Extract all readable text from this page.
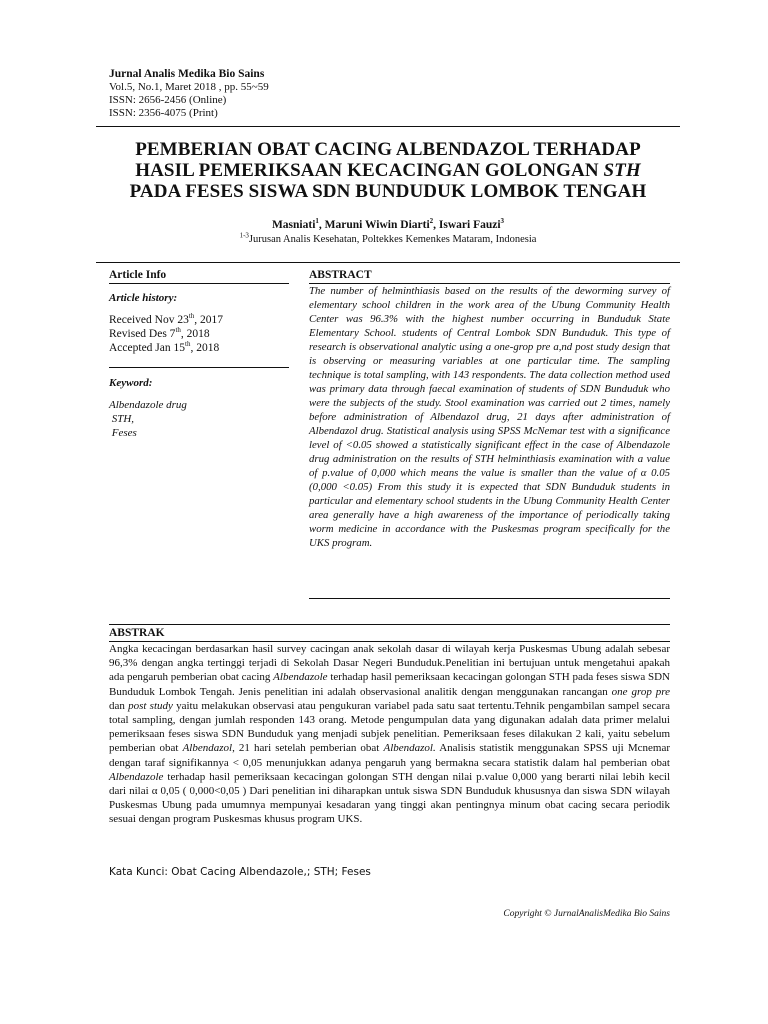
Jurnal Analis Medika Bio Sains
Vol.5, No.1, Maret 2018 , pp. 55~59
ISSN: 2656-2456 (Online)
ISSN: 2356-4075 (Print)
PEMBERIAN OBAT CACING ALBENDAZOL TERHADAP
HASIL PEMERIKSAAN KECACINGAN GOLONGAN STH
PADA FESES SISWA SDN BUNDUDUK LOMBOK TENGAH
Masniati$^1$, Maruni Wiwin Diarti$^2$, Iswari Fauzi$^3$
$^{1-3}$Jurusan Analis Kesehatan, Poltekkes Kemenkes Mataram, Indonesia
Article Info
Article history:
Received Nov 23th, 2017
Revised Des 7th, 2018
Accepted Jan 15th, 2018
Keyword:
Albendazole drug
STH,
Feses
ABSTRACT
The number of helminthiasis based on the results of the deworming survey of elementary school children in the work area of the Ubung Community Health Center was 96.3% with the highest number occurring in Bunduduk State Elementary School. students of Central Lombok SDN Bunduduk. This type of research is observational analytic using a one-grop pre a,nd post study design that is observing or measuring variables at one particular time. The sampling technique is total sampling, with 143 respondents. The data collection method used was primary data through faecal examination of students of SDN Bunduduk who were the subjects of the study. Stool examination was carried out 2 times, namely before administration of Albendazol drug, 21 days after administration of Albendazol drug. Statistical analysis using SPSS McNemar test with a significance level of <0.05 showed a statistically significant effect in the case of Albendazole drug administration on the results of STH helminthiasis examination with a value of p.value of 0,000 which means the value is smaller than the value of α 0.05 (0,000 <0.05) From this study it is expected that SDN Bunduduk students in particular and elementary school students in the Ubung Community Health Center area generally have a high awareness of the importance of periodically taking worm medicine in accordance with the Puskesmas program specifically for the UKS program.
ABSTRAK
Angka kecacingan berdasarkan hasil survey cacingan anak sekolah dasar di wilayah kerja Puskesmas Ubung adalah sebesar 96,3% dengan angka tertinggi terjadi di Sekolah Dasar Negeri Bunduduk.Penelitian ini bertujuan untuk mengetahui apakah ada pengaruh pemberian obat cacing Albendazole terhadap hasil pemeriksaan kecacingan golongan STH pada feses siswa SDN Bunduduk Lombok Tengah. Jenis penelitian ini adalah observasional analitik dengan menggunakan rancangan one grop pre dan post study yaitu melakukan observasi atau pengukuran variabel pada satu saat tertentu.Tehnik pengambilan sampel secara total sampling, dengan jumlah responden 143 orang. Metode pengumpulan data yang digunakan adalah data primer melalui pemeriksaan feses siswa SDN Bunduduk yang menjadi subjek penelitian. Pemeriksaan feses dilakukan 2 kali, yaitu sebelum pemberian obat Albendazol, 21 hari setelah pemberian obat Albendazol. Analisis statistik menggunakan SPSS uji Mcnemar dengan taraf signifikannya < 0,05 menunjukkan adanya pengaruh yang bermakna secara statistik dalam hal pemberian obat Albendazole terhadap hasil pemeriksaan kecacingan golongan STH dengan nilai p.value 0,000 yang berarti nilai lebih kecil dari nilai α 0,05 ( 0,000<0,05 ) Dari penelitian ini diharapkan untuk siswa SDN Bunduduk khususnya dan siswa SDN wilayah Puskesmas Ubung pada umumnya mempunyai kesadaran yang tinggi akan pentingnya minum obat cacing secara periodik sesuai dengan program Puskesmas khusus program UKS.
Kata Kunci: Obat Cacing Albendazole,; STH; Feses
Copyright © JurnalAnalisMedika Bio Sains
